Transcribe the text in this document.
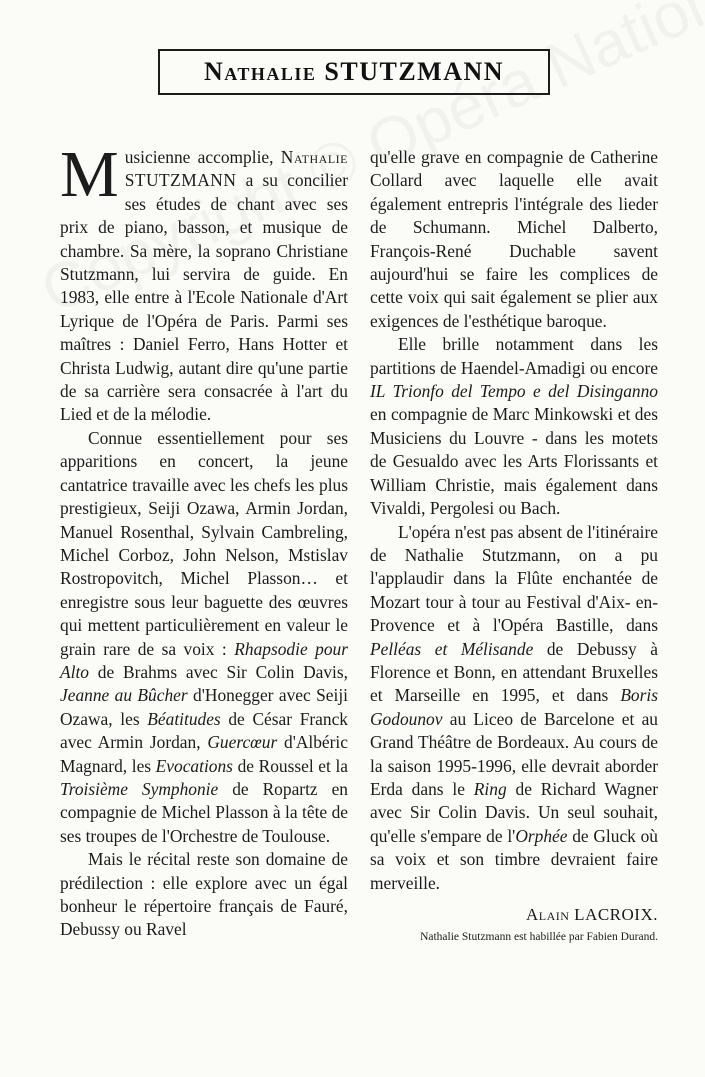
Nathalie STUTZMANN

Musicienne accomplie, Nathalie STUTZMANN a su concilier ses études de chant avec ses prix de piano, basson, et musique de chambre. Sa mère, la soprano Christiane Stutzmann, lui servira de guide. En 1983, elle entre à l'Ecole Nationale d'Art Lyrique de l'Opéra de Paris. Parmi ses maîtres : Daniel Ferro, Hans Hotter et Christa Ludwig, autant dire qu'une partie de sa carrière sera consacrée à l'art du Lied et de la mélodie.

Connue essentiellement pour ses apparitions en concert, la jeune cantatrice travaille avec les chefs les plus prestigieux, Seiji Ozawa, Armin Jordan, Manuel Rosenthal, Sylvain Cambreling, Michel Corboz, John Nelson, Mstislav Rostropovitch, Michel Plasson… et enregistre sous leur baguette des œuvres qui mettent particulièrement en valeur le grain rare de sa voix : Rhapsodie pour Alto de Brahms avec Sir Colin Davis, Jeanne au Bûcher d'Honegger avec Seiji Ozawa, les Béatitudes de César Franck avec Armin Jordan, Guercœur d'Albéric Magnard, les Evocations de Roussel et la Troisième Symphonie de Ropartz en compagnie de Michel Plasson à la tête de ses troupes de l'Orchestre de Toulouse.

Mais le récital reste son domaine de prédilection : elle explore avec un égal bonheur le répertoire français de Fauré, Debussy ou Ravel

qu'elle grave en compagnie de Catherine Collard avec laquelle elle avait également entrepris l'intégrale des lieder de Schumann. Michel Dalberto, François-René Duchable savent aujourd'hui se faire les complices de cette voix qui sait également se plier aux exigences de l'esthétique baroque.

Elle brille notamment dans les partitions de Haendel-Amadigi ou encore IL Trionfo del Tempo e del Disinganno en compagnie de Marc Minkowski et des Musiciens du Louvre - dans les motets de Gesualdo avec les Arts Florissants et William Christie, mais également dans Vivaldi, Pergolesi ou Bach.

L'opéra n'est pas absent de l'itinéraire de Nathalie Stutzmann, on a pu l'applaudir dans la Flûte enchantée de Mozart tour à tour au Festival d'Aix- en-Provence et à l'Opéra Bastille, dans Pelléas et Mélisande de Debussy à Florence et Bonn, en attendant Bruxelles et Marseille en 1995, et dans Boris Godounov au Liceo de Barcelone et au Grand Théâtre de Bordeaux. Au cours de la saison 1995-1996, elle devrait aborder Erda dans le Ring de Richard Wagner avec Sir Colin Davis. Un seul souhait, qu'elle s'empare de l'Orphée de Gluck où sa voix et son timbre devraient faire merveille.

Alain LACROIX.
Nathalie Stutzmann est habillée par Fabien Durand.
